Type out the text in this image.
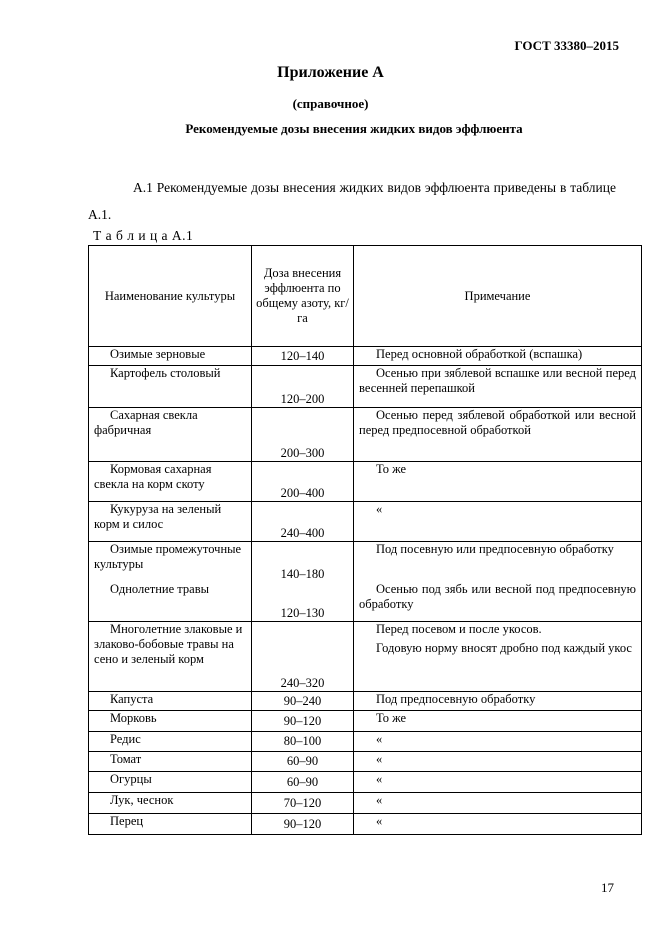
ГОСТ 33380–2015
Приложение А
(справочное)
Рекомендуемые дозы внесения жидких видов эффлюента

А.1 Рекомендуемые дозы внесения жидких видов эффлюента приведены в таблице А.1.

Т а б л и ц а А.1
Наименование культуры	Доза внесения эффлюента по общему азоту, кг/га	Примечание
Озимые зерновые	120–140	Перед основной обработкой (вспашка)
Картофель столовый	120–200	Осенью при зяблевой вспашке или весной перед весенней перепашкой
Сахарная свекла фабричная	200–300	Осенью перед зяблевой обработкой или весной перед предпосевной обработкой
Кормовая сахарная свекла на корм скоту	200–400	То же
Кукуруза на зеленый корм и силос	240–400	«
Озимые промежуточные культуры	140–180	Под посевную или предпосевную обработку
Однолетние травы	120–130	Осенью под зябь или весной под предпосевную обработку
Многолетние злаковые и злаково-бобовые травы на сено и зеленый корм	240–320	Перед посевом и после укосов.
Годовую норму вносят дробно под каждый укос

Капуста	90–240	Под предпосевную обработку
Морковь	90–120	То же
Редис	80–100	«
Томат	60–90	«
Огурцы	60–90	«
Лук, чеснок	70–120	«
Перец	90–120	«
17
